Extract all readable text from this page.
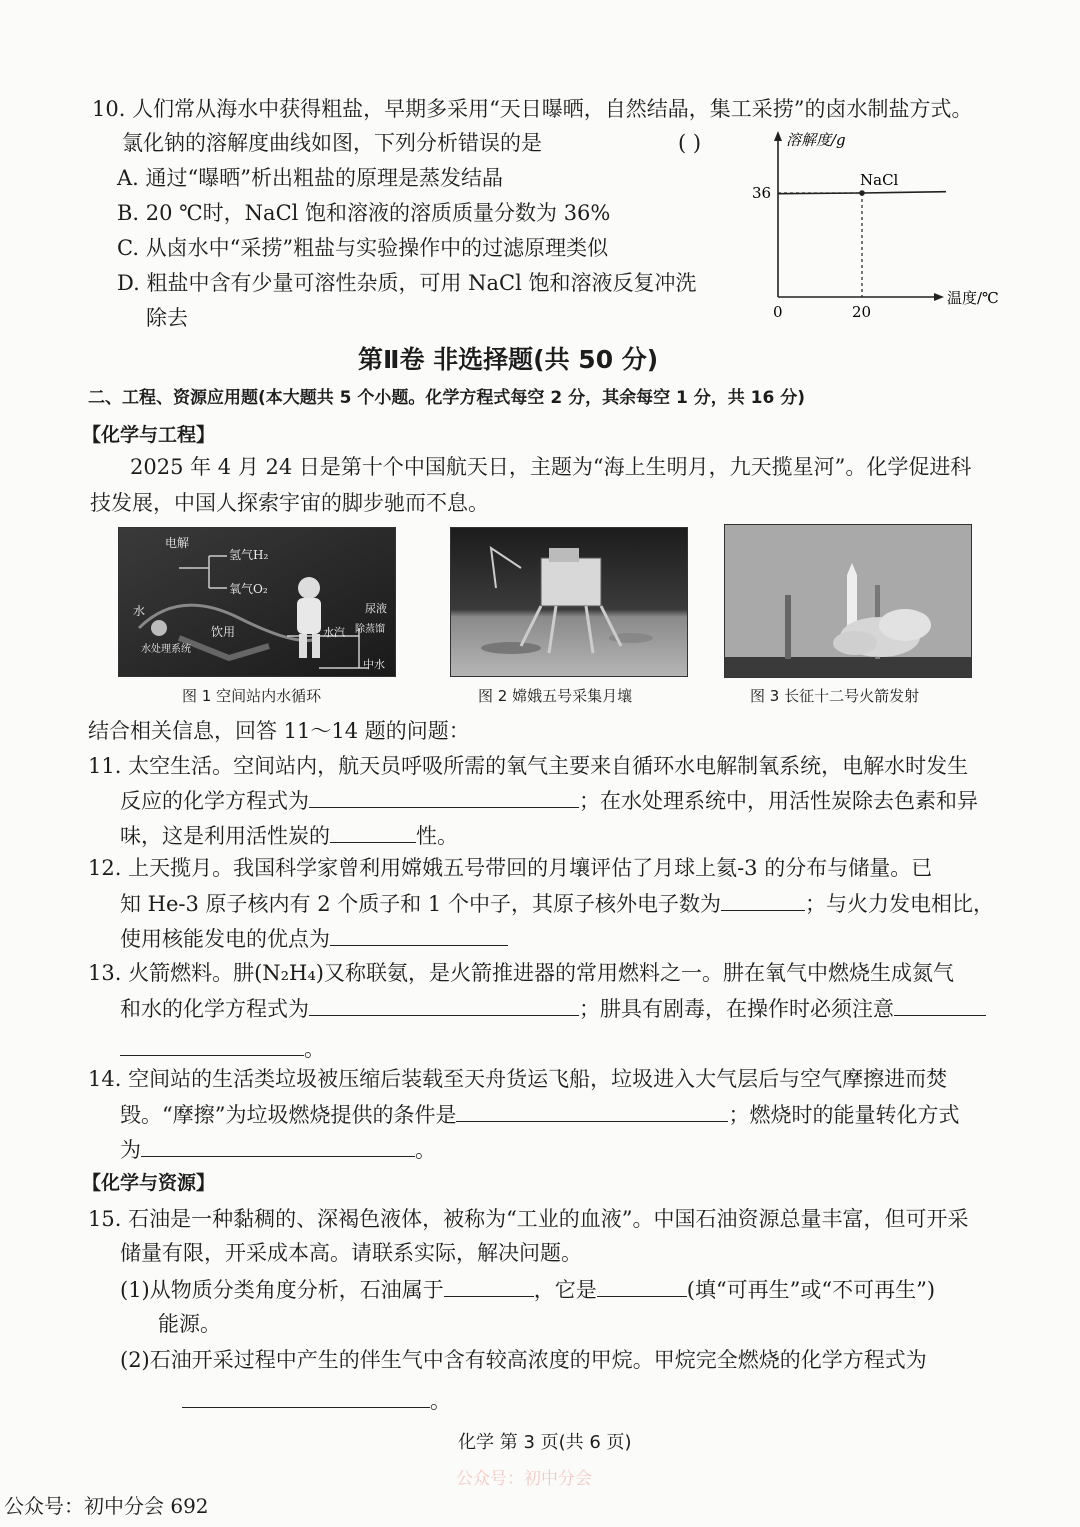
10. 人们常从海水中获得粗盐，早期多采用“天日曝晒，自然结晶，集工采捞”的卤水制盐方式。
氯化钠的溶解度曲线如图，下列分析错误的是	( )
A. 通过“曝晒”析出粗盐的原理是蒸发结晶
B. 20 ℃时，NaCl 饱和溶液的溶质质量分数为 36%
C. 从卤水中“采捞”粗盐与实验操作中的过滤原理类似
D. 粗盐中含有少量可溶性杂质，可用 NaCl 饱和溶液反复冲洗
除去
溶解度/g
温度/℃
0	20
36
NaCl
第Ⅱ卷 非选择题(共 50 分)
二、工程、资源应用题(本大题共 5 个小题。化学方程式每空 2 分，其余每空 1 分，共 16 分)
【化学与工程】
2025 年 4 月 24 日是第十个中国航天日，主题为“海上生明月，九天揽星河”。化学促进科
技发展，中国人探索宇宙的脚步驰而不息。
电解
氢气H₂
氧气O₂
水
饮用
尿液
除蒸馏
水汽
水处理系统
中水
图 1 空间站内水循环	图 2 嫦娥五号采集月壤	图 3 长征十二号火箭发射
结合相关信息，回答 11～14 题的问题：
11. 太空生活。空间站内，航天员呼吸所需的氧气主要来自循环水电解制氧系统，电解水时发生
反应的化学方程式为	；在水处理系统中，用活性炭除去色素和异
味，这是利用活性炭的	性。
12. 上天揽月。我国科学家曾利用嫦娥五号带回的月壤评估了月球上氦-3 的分布与储量。已
知 He-3 原子核内有 2 个质子和 1 个中子，其原子核外电子数为	；与火力发电相比，
使用核能发电的优点为
13. 火箭燃料。肼(N₂H₄)又称联氨，是火箭推进器的常用燃料之一。肼在氧气中燃烧生成氮气
和水的化学方程式为	；肼具有剧毒，在操作时必须注意
。
14. 空间站的生活类垃圾被压缩后装载至天舟货运飞船，垃圾进入大气层后与空气摩擦进而焚
毁。“摩擦”为垃圾燃烧提供的条件是	；燃烧时的能量转化方式
为	。
【化学与资源】
15. 石油是一种黏稠的、深褐色液体，被称为“工业的血液”。中国石油资源总量丰富，但可开采
储量有限，开采成本高。请联系实际，解决问题。
(1)从物质分类角度分析，石油属于	，它是	(填“可再生”或“不可再生”)
能源。
(2)石油开采过程中产生的伴生气中含有较高浓度的甲烷。甲烷完全燃烧的化学方程式为
。
化学 第 3 页(共 6 页)
公众号：初中分会
公众号：初中分会 692
